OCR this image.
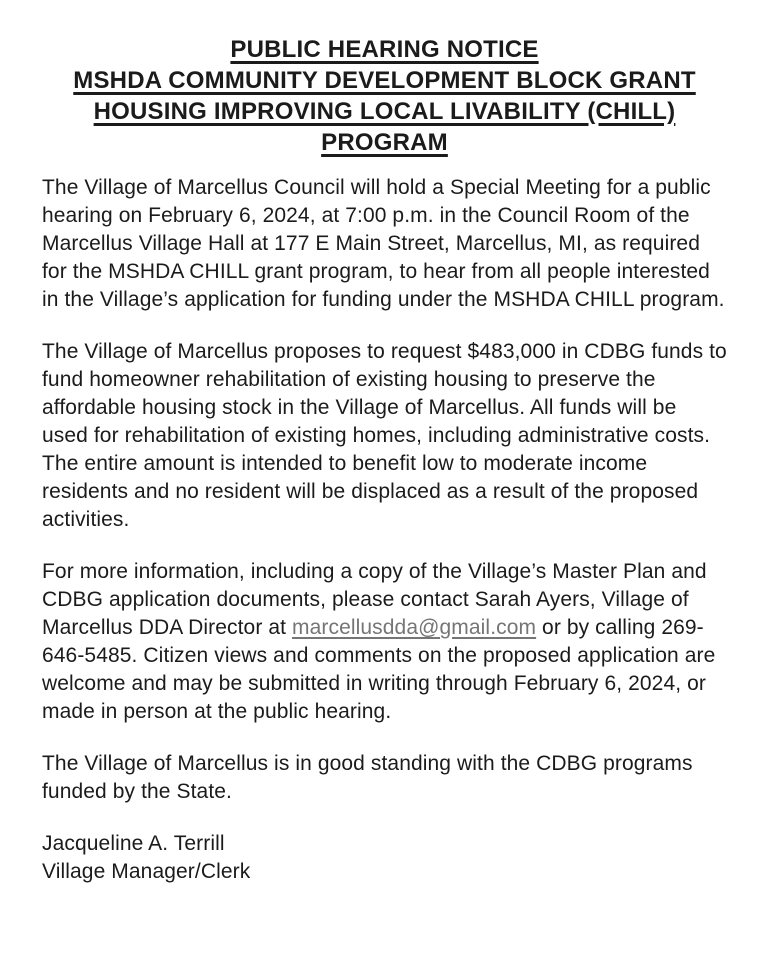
PUBLIC HEARING NOTICE
MSHDA COMMUNITY DEVELOPMENT BLOCK GRANT
HOUSING IMPROVING LOCAL LIVABILITY (CHILL)
PROGRAM

The Village of Marcellus Council will hold a Special Meeting for a public hearing on February 6, 2024, at 7:00 p.m. in the Council Room of the Marcellus Village Hall at 177 E Main Street, Marcellus, MI, as required for the MSHDA CHILL grant program, to hear from all people interested in the Village’s application for funding under the MSHDA CHILL program.

The Village of Marcellus proposes to request $483,000 in CDBG funds to fund homeowner rehabilitation of existing housing to preserve the affordable housing stock in the Village of Marcellus. All funds will be used for rehabilitation of existing homes, including administrative costs. The entire amount is intended to benefit low to moderate income residents and no resident will be displaced as a result of the proposed activities.

For more information, including a copy of the Village’s Master Plan and CDBG application documents, please contact Sarah Ayers, Village of Marcellus DDA Director at marcellusdda@gmail.com or by calling 269-646-5485. Citizen views and comments on the proposed application are welcome and may be submitted in writing through February 6, 2024, or made in person at the public hearing.

The Village of Marcellus is in good standing with the CDBG programs funded by the State.

Jacqueline A. Terrill
Village Manager/Clerk
